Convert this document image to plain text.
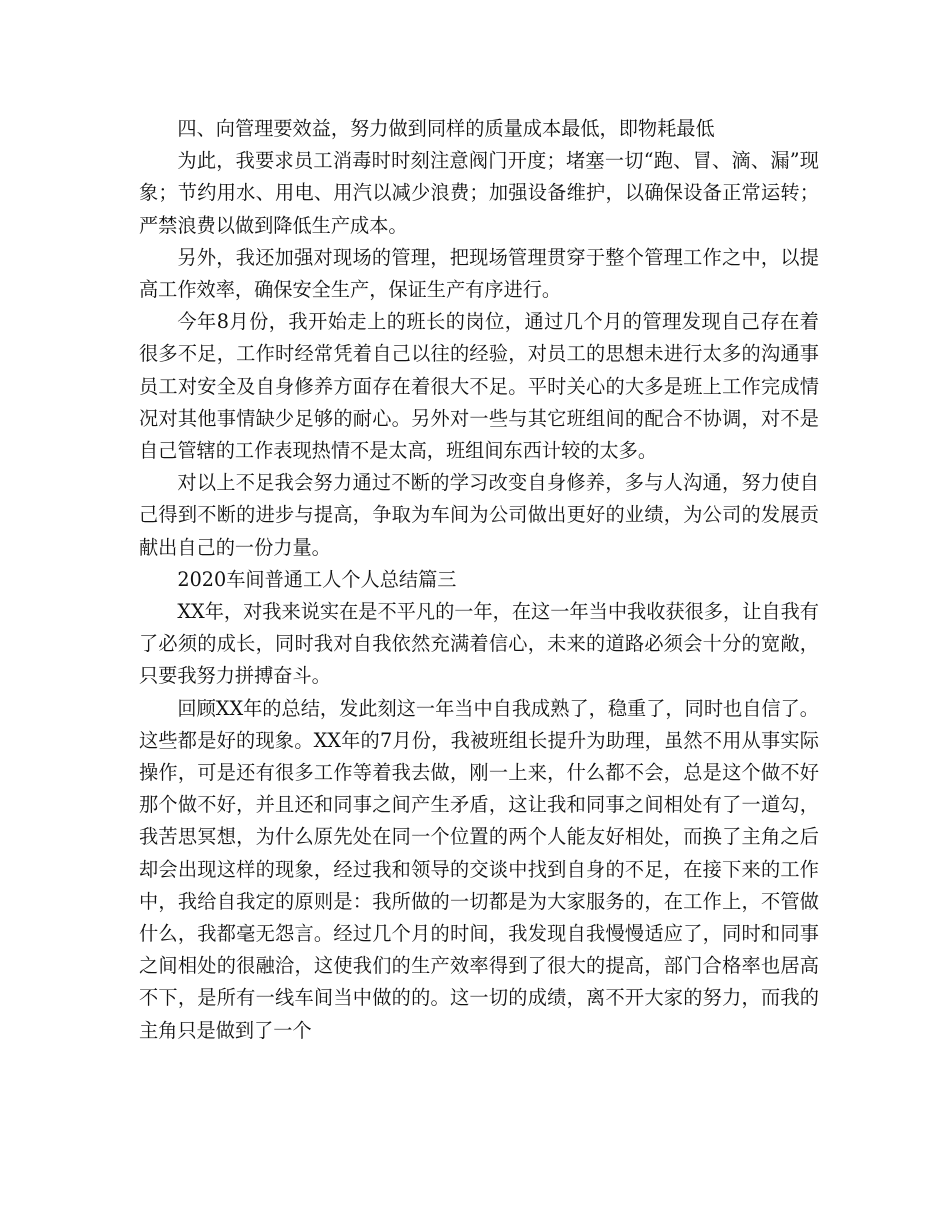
四、向管理要效益，努力做到同样的质量成本最低，即物耗最低

为此，我要求员工消毒时时刻注意阀门开度；堵塞一切“跑、冒、滴、漏”现象；节约用水、用电、用汽以减少浪费；加强设备维护，以确保设备正常运转；严禁浪费以做到降低生产成本。

另外，我还加强对现场的管理，把现场管理贯穿于整个管理工作之中，以提高工作效率，确保安全生产，保证生产有序进行。

今年8月份，我开始走上的班长的岗位，通过几个月的管理发现自己存在着很多不足，工作时经常凭着自己以往的经验，对员工的思想未进行太多的沟通事员工对安全及自身修养方面存在着很大不足。平时关心的大多是班上工作完成情况对其他事情缺少足够的耐心。另外对一些与其它班组间的配合不协调，对不是自己管辖的工作表现热情不是太高，班组间东西计较的太多。

对以上不足我会努力通过不断的学习改变自身修养，多与人沟通，努力使自己得到不断的进步与提高，争取为车间为公司做出更好的业绩，为公司的发展贡献出自己的一份力量。

2020车间普通工人个人总结篇三

XX年，对我来说实在是不平凡的一年，在这一年当中我收获很多，让自我有了必须的成长，同时我对自我依然充满着信心，未来的道路必须会十分的宽敞，只要我努力拼搏奋斗。

回顾XX年的总结，发此刻这一年当中自我成熟了，稳重了，同时也自信了。这些都是好的现象。XX年的7月份，我被班组长提升为助理，虽然不用从事实际操作，可是还有很多工作等着我去做，刚一上来，什么都不会，总是这个做不好那个做不好，并且还和同事之间产生矛盾，这让我和同事之间相处有了一道勾，我苦思冥想，为什么原先处在同一个位置的两个人能友好相处，而换了主角之后却会出现这样的现象，经过我和领导的交谈中找到自身的不足，在接下来的工作中，我给自我定的原则是：我所做的一切都是为大家服务的，在工作上，不管做什么，我都毫无怨言。经过几个月的时间，我发现自我慢慢适应了，同时和同事之间相处的很融洽，这使我们的生产效率得到了很大的提高，部门合格率也居高不下，是所有一线车间当中做的的。这一切的成绩，离不开大家的努力，而我的主角只是做到了一个
